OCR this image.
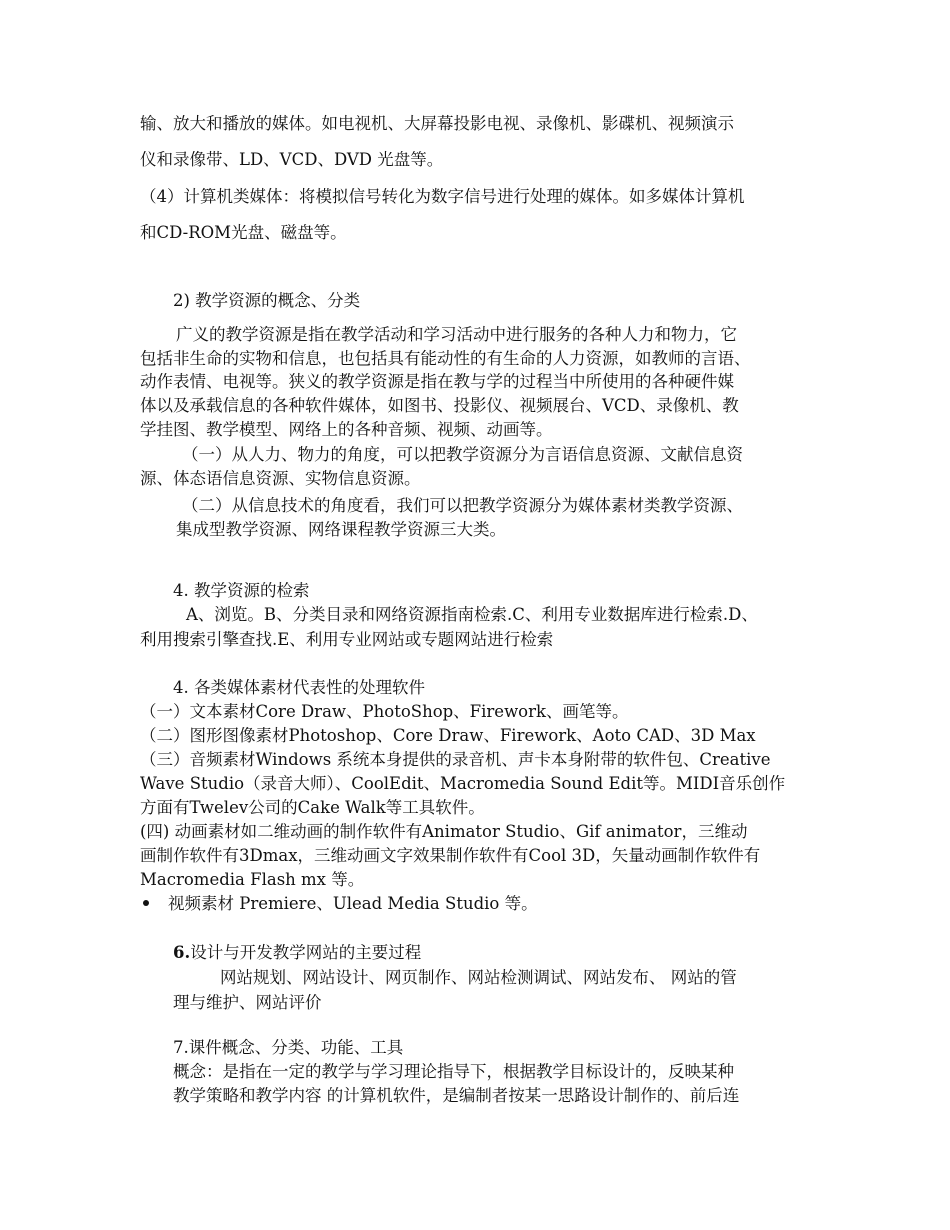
输、放大和播放的媒体。如电视机、大屏幕投影电视、录像机、影碟机、视频演示
仪和录像带、LD、VCD、DVD 光盘等。
（4）计算机类媒体：将模拟信号转化为数字信号进行处理的媒体。如多媒体计算机
和CD-ROM光盘、磁盘等。
2) 教学资源的概念、分类
广义的教学资源是指在教学活动和学习活动中进行服务的各种人力和物力，它
包括非生命的实物和信息，也包括具有能动性的有生命的人力资源，如教师的言语、
动作表情、电视等。狭义的教学资源是指在教与学的过程当中所使用的各种硬件媒
体以及承载信息的各种软件媒体，如图书、投影仪、视频展台、VCD、录像机、教
学挂图、教学模型、网络上的各种音频、视频、动画等。
（一）从人力、物力的角度，可以把教学资源分为言语信息资源、文献信息资
源、体态语信息资源、实物信息资源。
（二）从信息技术的角度看，我们可以把教学资源分为媒体素材类教学资源、
集成型教学资源、网络课程教学资源三大类。
4. 教学资源的检索
A、浏览。B、分类目录和网络资源指南检索.C、利用专业数据库进行检索.D、
利用搜索引擎查找.E、利用专业网站或专题网站进行检索
4. 各类媒体素材代表性的处理软件
（一）文本素材Core Draw、PhotoShop、Firework、画笔等。
（二）图形图像素材Photoshop、Core Draw、Firework、Aoto CAD、3D Max
（三）音频素材Windows 系统本身提供的录音机、声卡本身附带的软件包、Creative
Wave Studio（录音大师）、CoolEdit、Macromedia Sound Edit等。MIDI音乐创作
方面有Twelev公司的Cake Walk等工具软件。
(四) 动画素材如二维动画的制作软件有Animator Studio、Gif animator，三维动
画制作软件有3Dmax，三维动画文字效果制作软件有Cool 3D，矢量动画制作软件有
Macromedia Flash mx 等。
视频素材 Premiere、Ulead Media Studio 等。
6.设计与开发教学网站的主要过程
网站规划、网站设计、网页制作、网站检测调试、网站发布、 网站的管
理与维护、网站评价
7.课件概念、分类、功能、工具
概念：是指在一定的教学与学习理论指导下，根据教学目标设计的，反映某种
教学策略和教学内容 的计算机软件，是编制者按某一思路设计制作的、前后连
